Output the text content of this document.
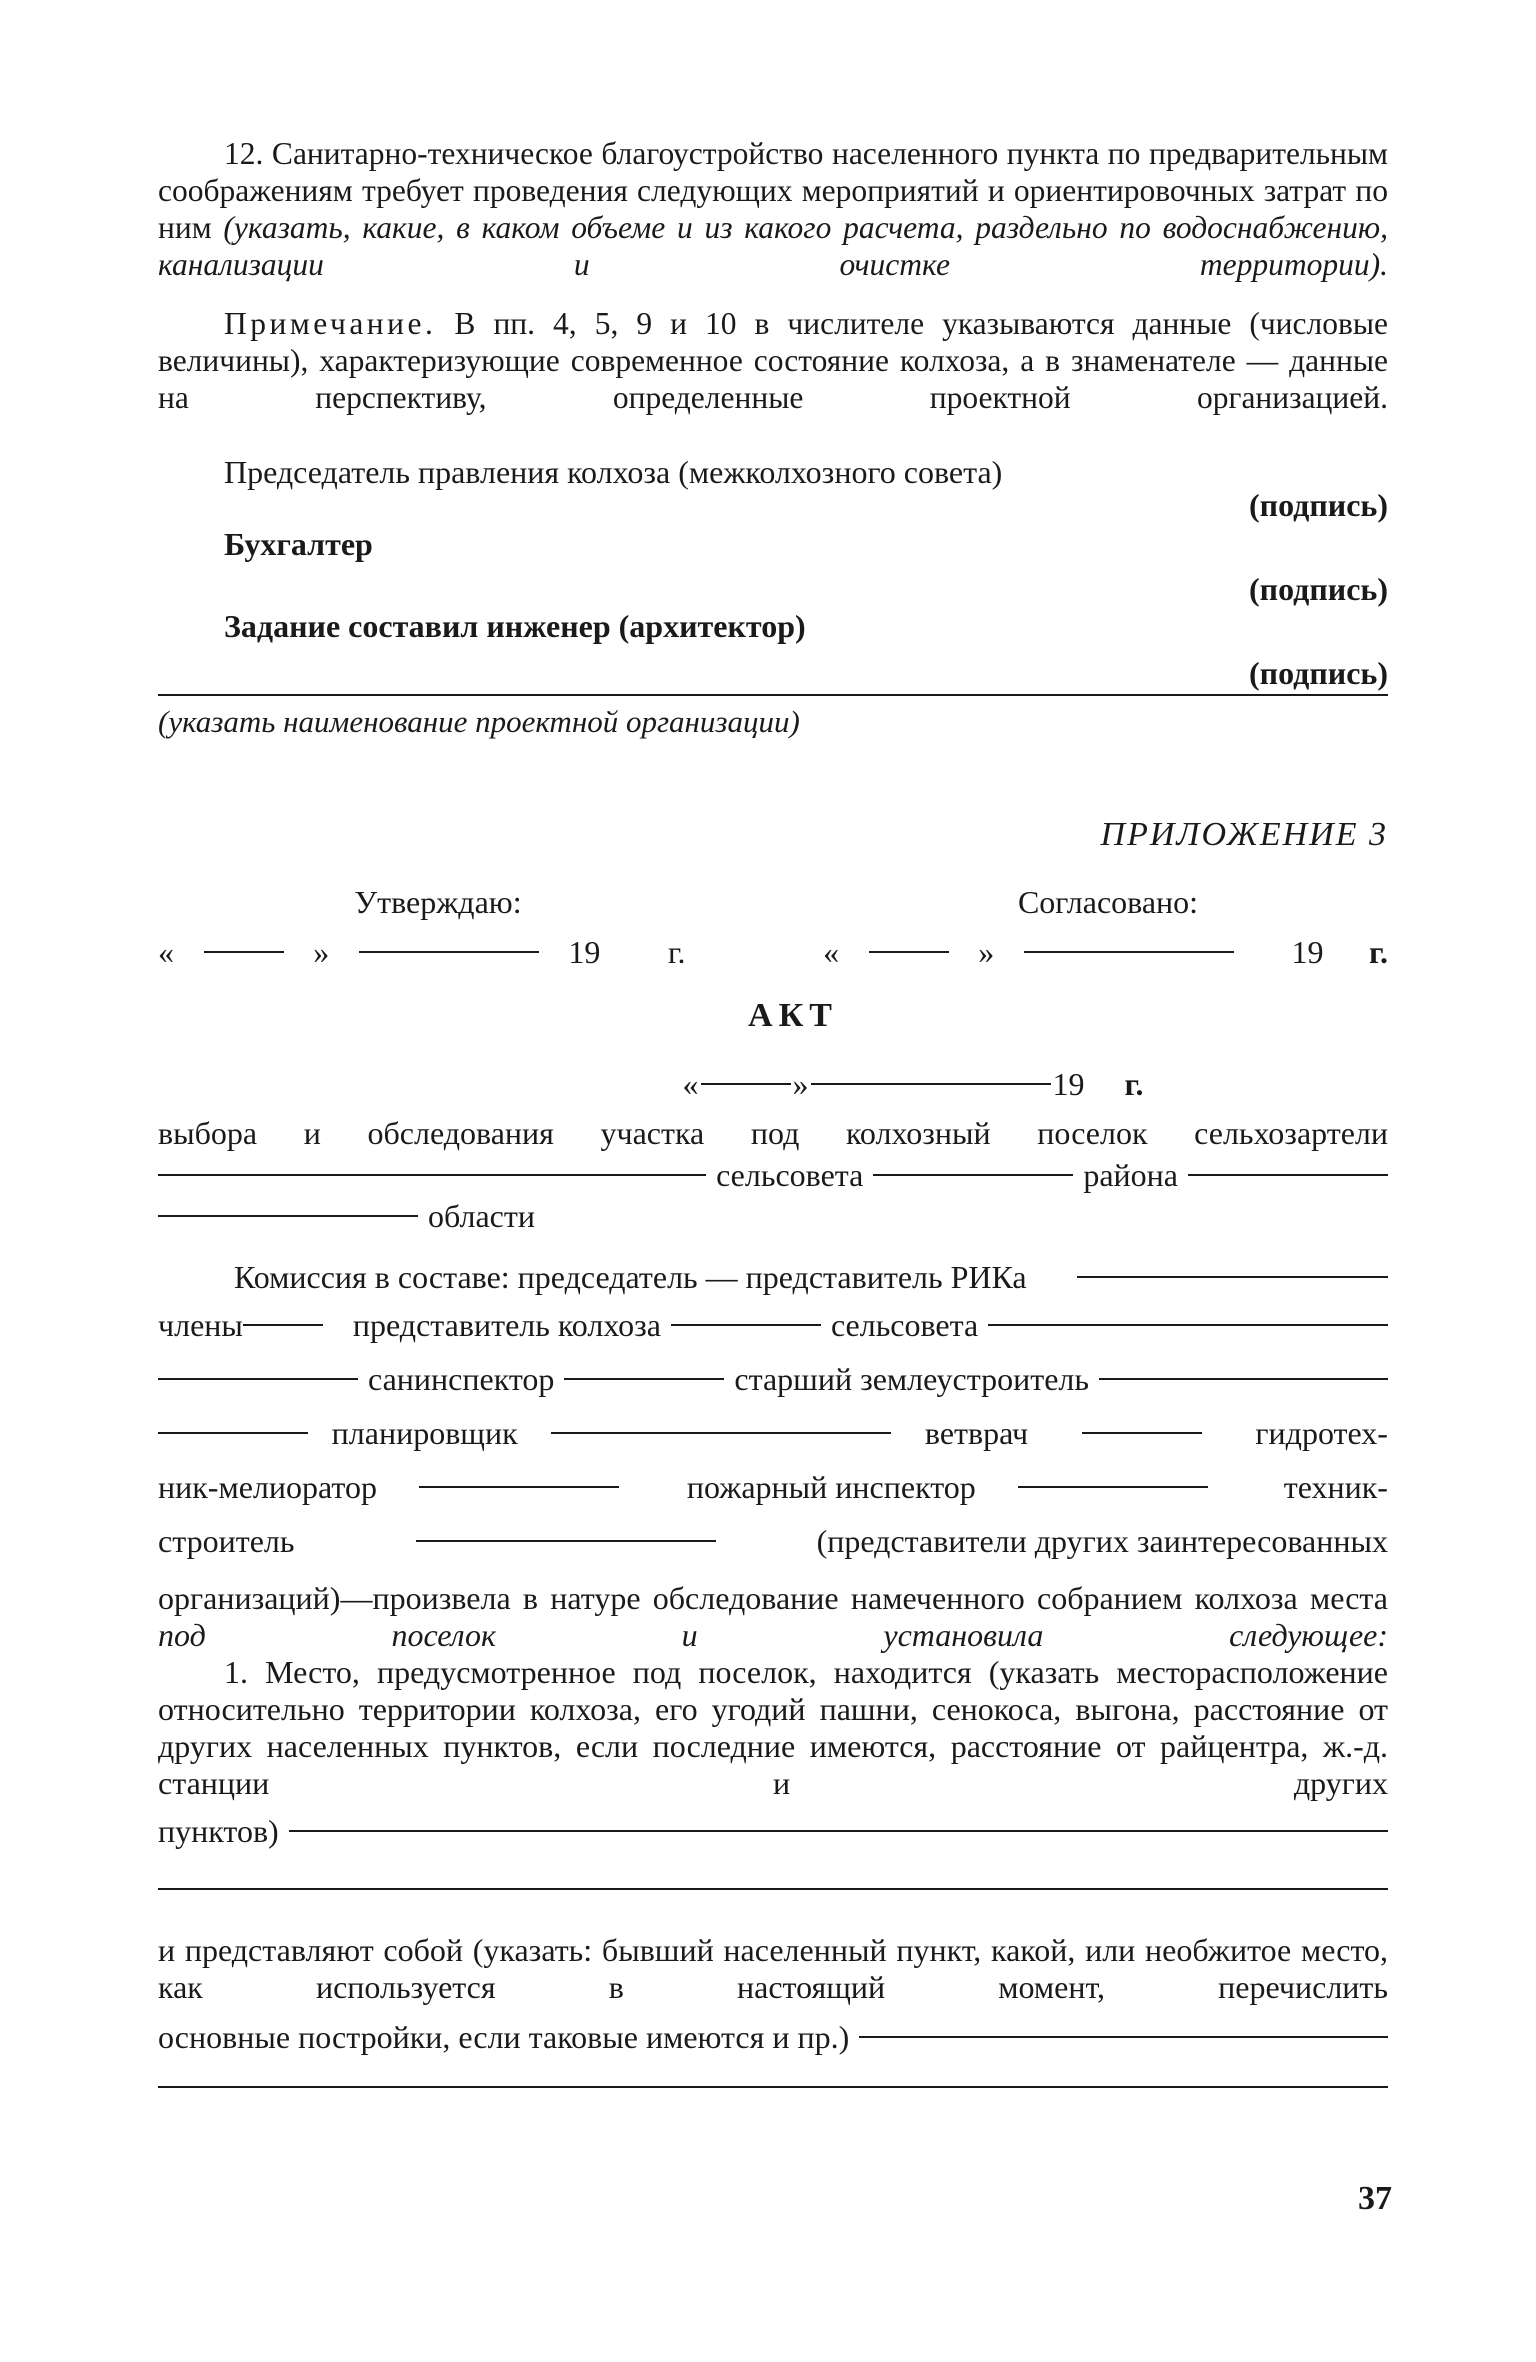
12. Санитарно-техническое благоустройство населенного пункта по предварительным соображениям требует проведения следующих мероприятий и ориентировочных затрат по ним (указать, какие, в каком объеме и из какого расчета, раздельно по водоснабжению, канализации и очистке территории).

Примечание. В пп. 4, 5, 9 и 10 в числителе указываются данные (числовые величины), характеризующие современное состояние колхоза, а в знаменателе — данные на перспективу, определенные проектной организацией.

Председатель правления колхоза (межколхозного совета)
(подпись)
Бухгалтер
(подпись)
Задание составил инженер (архитектор)
(подпись)
(указать наименование проектной организации)
ПРИЛОЖЕНИЕ 3
Утверждаю:	Согласовано:
«	»	19 г.	«	»	19 г.
АКТ
«	»	19 г.

выбора и обследования участка под колхозный поселок сельхозартели

сельсовета	района
области
Комиссия в составе: председатель — представитель РИКа
члены	представитель колхоза	сельсовета
санинспектор	старший землеустроитель
планировщик	ветврач	гидротех-
ник-мелиоратор	пожарный инспектор	техник-
строитель	(представители других заинтересованных

организаций)—произвела в натуре обследование намеченного собранием колхоза места под поселок и установила следующее:

1. Место, предусмотренное под поселок, находится (указать месторасположение относительно территории колхоза, его угодий пашни, сенокоса, выгона, расстояние от других населенных пунктов, если последние имеются, расстояние от райцентра, ж.-д. станции и других

пунктов)

и представляют собой (указать: бывший населенный пункт, какой, или необжитое место, как используется в настоящий момент, перечислить

основные постройки, если таковые имеются и пр.)
37
